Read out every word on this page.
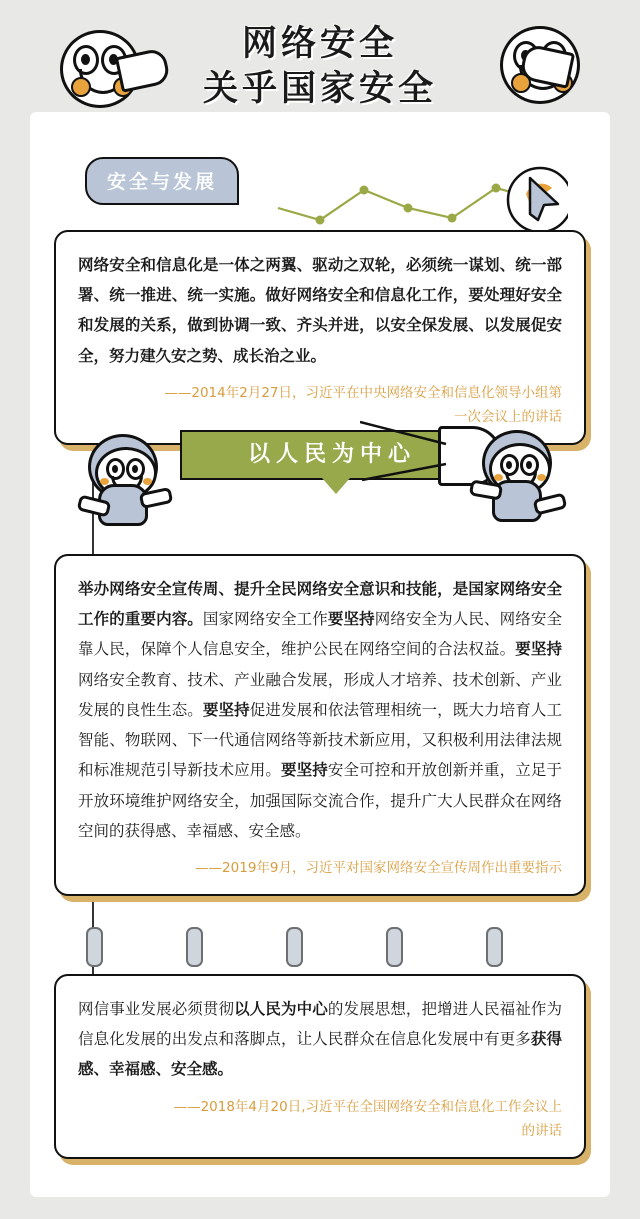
网络安全
关乎国家安全
安全与发展
网络安全和信息化是一体之两翼、驱动之双轮，必须统一谋划、统一部署、统一推进、统一实施。做好网络安全和信息化工作，要处理好安全和发展的关系，做到协调一致、齐头并进，以安全保发展、以发展促安全，努力建久安之势、成长治之业。
——2014年2月27日，习近平在中央网络安全和信息化领导小组第
一次会议上的讲话
以人民为中心
举办网络安全宣传周、提升全民网络安全意识和技能，是国家网络安全工作的重要内容。国家网络安全工作要坚持网络安全为人民、网络安全靠人民，保障个人信息安全，维护公民在网络空间的合法权益。要坚持网络安全教育、技术、产业融合发展，形成人才培养、技术创新、产业发展的良性生态。要坚持促进发展和依法管理相统一，既大力培育人工智能、物联网、下一代通信网络等新技术新应用，又积极利用法律法规和标准规范引导新技术应用。要坚持安全可控和开放创新并重，立足于开放环境维护网络安全，加强国际交流合作，提升广大人民群众在网络空间的获得感、幸福感、安全感。
——2019年9月，习近平对国家网络安全宣传周作出重要指示
网信事业发展必须贯彻以人民为中心的发展思想，把增进人民福祉作为信息化发展的出发点和落脚点，让人民群众在信息化发展中有更多获得感、幸福感、安全感。
——2018年4月20日,习近平在全国网络安全和信息化工作会议上
的讲话
